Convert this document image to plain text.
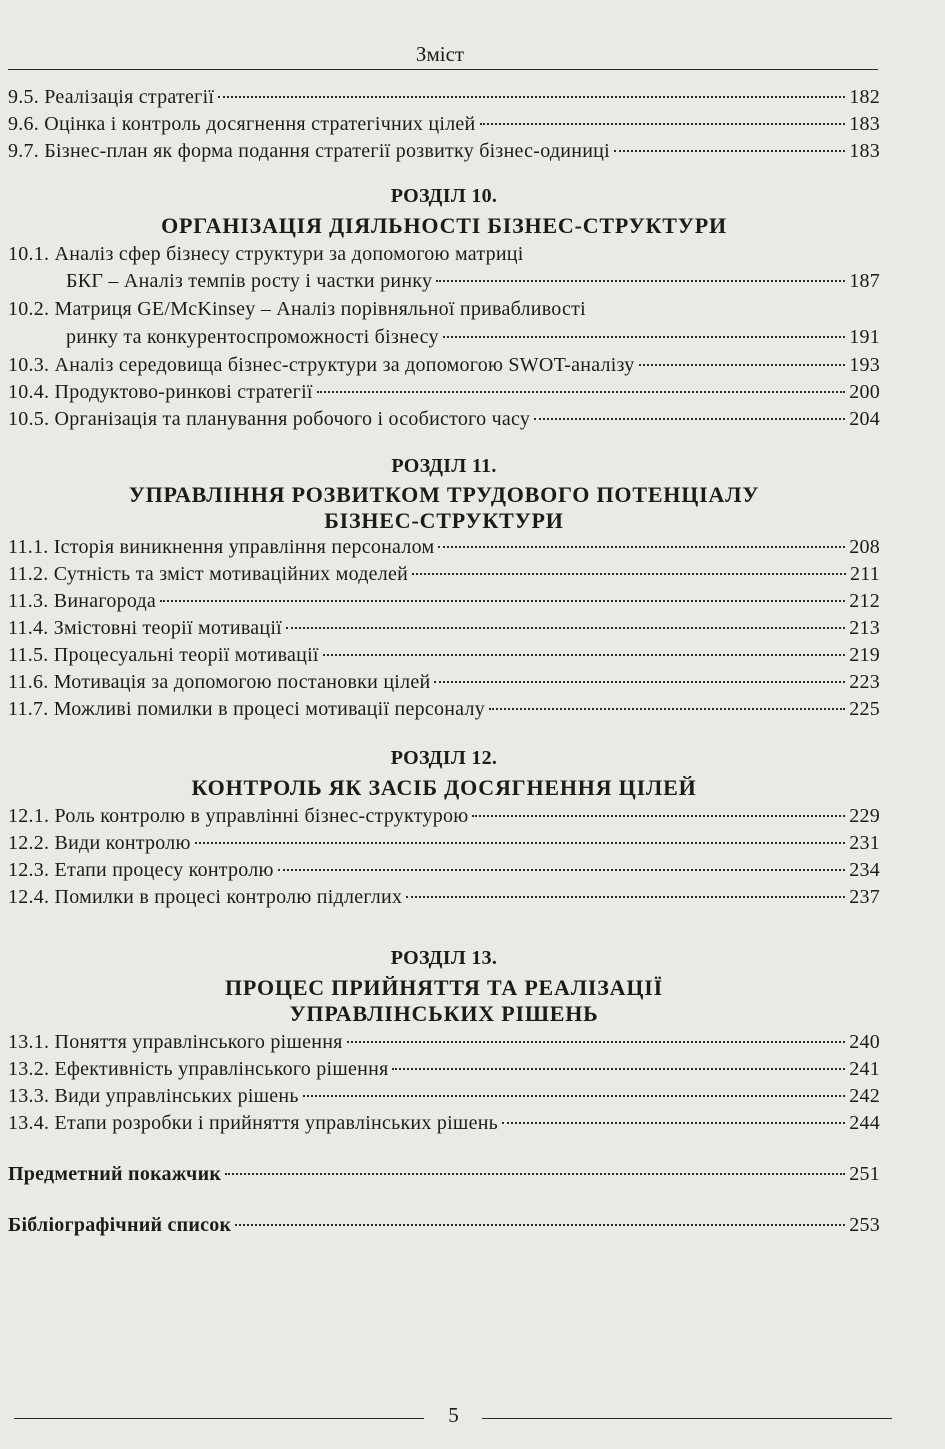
Зміст
9.5. Реалізація стратегії	182
9.6. Оцінка і контроль досягнення стратегічних цілей	183
9.7. Бізнес-план як форма подання стратегії розвитку бізнес-одиниці	183
РОЗДІЛ 10.
ОРГАНІЗАЦІЯ ДІЯЛЬНОСТІ БІЗНЕС-СТРУКТУРИ
10.1. Аналіз сфер бізнесу структури за допомогою матриці
БКГ – Аналіз темпів росту і частки ринку	187
10.2. Матриця GE/McKinsey – Аналіз порівняльної привабливості
ринку та конкурентоспроможності бізнесу	191
10.3. Аналіз середовища бізнес-структури за допомогою SWOT-аналізу	193
10.4. Продуктово-ринкові стратегії	200
10.5. Організація та планування робочого і особистого часу	204
РОЗДІЛ 11.
УПРАВЛІННЯ РОЗВИТКОМ ТРУДОВОГО ПОТЕНЦІАЛУ
БІЗНЕС-СТРУКТУРИ
11.1. Історія виникнення управління персоналом	208
11.2. Сутність та зміст мотиваційних моделей	211
11.3. Винагорода	212
11.4. Змістовні теорії мотивації	213
11.5. Процесуальні теорії мотивації	219
11.6. Мотивація за допомогою постановки цілей	223
11.7. Можливі помилки в процесі мотивації персоналу	225
РОЗДІЛ 12.
КОНТРОЛЬ ЯК ЗАСІБ ДОСЯГНЕННЯ ЦІЛЕЙ
12.1. Роль контролю в управлінні бізнес-структурою	229
12.2. Види контролю	231
12.3. Етапи процесу контролю	234
12.4. Помилки в процесі контролю підлеглих	237
РОЗДІЛ 13.
ПРОЦЕС ПРИЙНЯТТЯ ТА РЕАЛІЗАЦІЇ
УПРАВЛІНСЬКИХ РІШЕНЬ
13.1. Поняття управлінського рішення	240
13.2. Ефективність управлінського рішення	241
13.3. Види управлінських рішень	242
13.4. Етапи розробки і прийняття управлінських рішень	244
Предметний покажчик	251
Бібліографічний список	253
5
